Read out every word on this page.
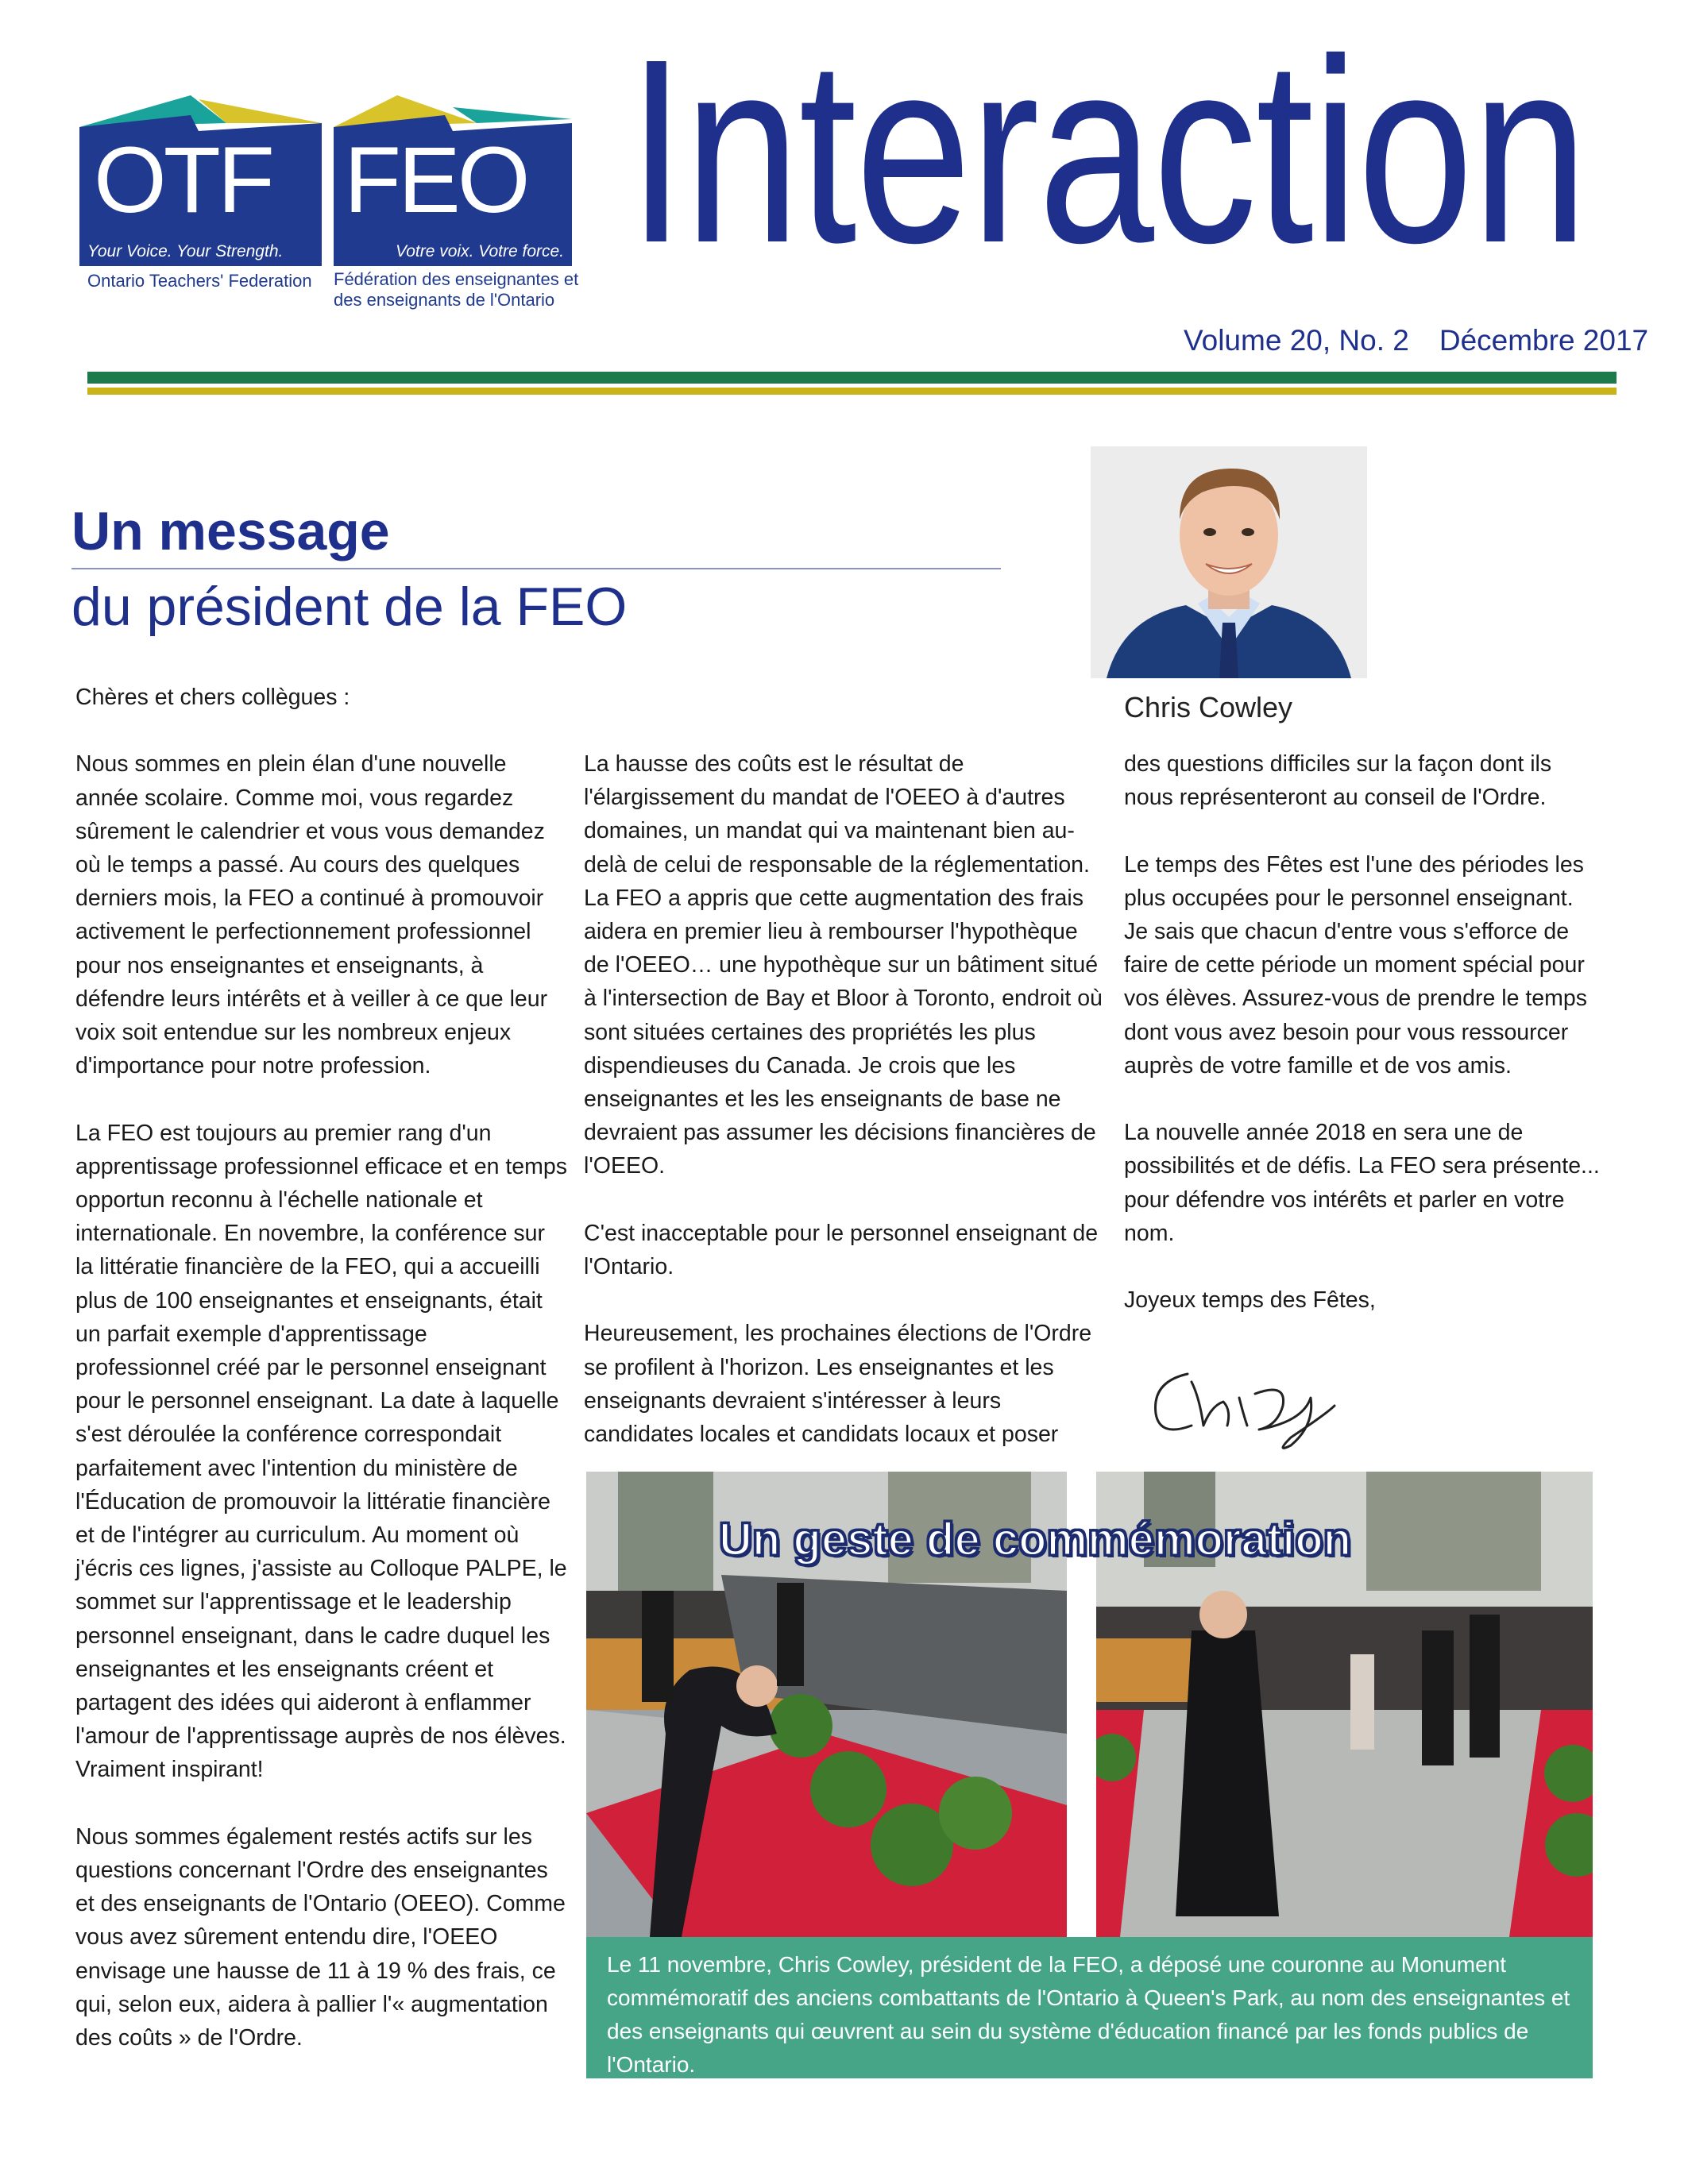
OTF FEO
Your Voice. Your Strength.	Votre voix. Votre force.
Ontario Teachers' Federation Fédération des enseignantes et
des enseignants de l'Ontario
Interaction
Volume 20, No. 2 Décembre 2017
Un message
du président de la FEO
Chris Cowley

Chères et chers collègues :

Nous sommes en plein élan d'une nouvelle année scolaire. Comme moi, vous regardez sûrement le calendrier et vous vous demandez où le temps a passé. Au cours des quelques derniers mois, la FEO a continué à promouvoir activement le perfectionnement professionnel pour nos enseignantes et enseignants, à défendre leurs intérêts et à veiller à ce que leur voix soit entendue sur les nombreux enjeux d'importance pour notre profession.

La FEO est toujours au premier rang d'un apprentissage professionnel efficace et en temps opportun reconnu à l'échelle nationale et internationale. En novembre, la conférence sur la littératie financière de la FEO, qui a accueilli plus de 100 enseignantes et enseignants, était un parfait exemple d'apprentissage professionnel créé par le personnel enseignant pour le personnel enseignant. La date à laquelle s'est déroulée la conférence correspondait parfaitement avec l'intention du ministère de l'Éducation de promouvoir la littératie financière et de l'intégrer au curriculum. Au moment où j'écris ces lignes, j'assiste au Colloque PALPE, le sommet sur l'apprentissage et le leadership personnel enseignant, dans le cadre duquel les enseignantes et les enseignants créent et partagent des idées qui aideront à enflammer l'amour de l'apprentissage auprès de nos élèves. Vraiment inspirant!

Nous sommes également restés actifs sur les questions concernant l'Ordre des enseignantes et des enseignants de l'Ontario (OEEO). Comme vous avez sûrement entendu dire, l'OEEO envisage une hausse de 11 à 19 % des frais, ce qui, selon eux, aidera à pallier l'« augmentation des coûts » de l'Ordre.

La hausse des coûts est le résultat de l'élargissement du mandat de l'OEEO à d'autres domaines, un mandat qui va maintenant bien au-delà de celui de responsable de la réglementation. La FEO a appris que cette augmentation des frais aidera en premier lieu à rembourser l'hypothèque de l'OEEO… une hypothèque sur un bâtiment situé à l'intersection de Bay et Bloor à Toronto, endroit où sont situées certaines des propriétés les plus dispendieuses du Canada. Je crois que les enseignantes et les les enseignants de base ne devraient pas assumer les décisions financières de l'OEEO.

C'est inacceptable pour le personnel enseignant de l'Ontario.

Heureusement, les prochaines élections de l'Ordre se profilent à l'horizon. Les enseignantes et les enseignants devraient s'intéresser à leurs candidates locales et candidats locaux et poser

des questions difficiles sur la façon dont ils nous représenteront au conseil de l'Ordre.

Le temps des Fêtes est l'une des périodes les plus occupées pour le personnel enseignant. Je sais que chacun d'entre vous s'efforce de faire de cette période un moment spécial pour vos élèves. Assurez-vous de prendre le temps dont vous avez besoin pour vous ressourcer auprès de votre famille et de vos amis.

La nouvelle année 2018 en sera une de possibilités et de défis. La FEO sera présente... pour défendre vos intérêts et parler en votre nom.

Joyeux temps des Fêtes,

Un geste de commémoration
Le 11 novembre, Chris Cowley, président de la FEO, a déposé une couronne au Monument commémoratif des anciens combattants de l'Ontario à Queen's Park, au nom des enseignantes et des enseignants qui œuvrent au sein du système d'éducation financé par les fonds publics de l'Ontario.
